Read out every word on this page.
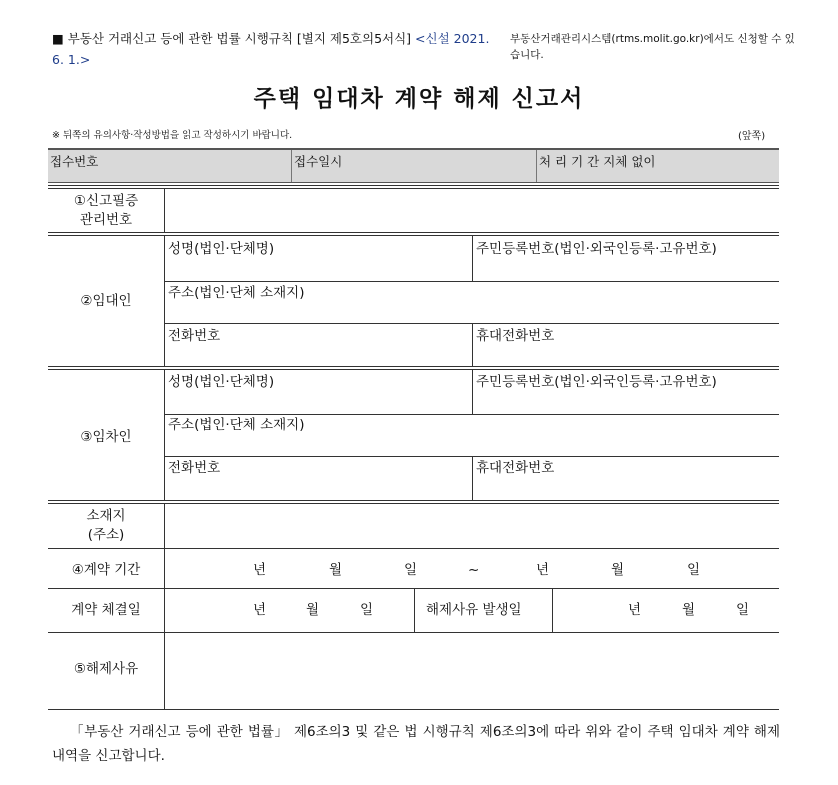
■ 부동산 거래신고 등에 관한 법률 시행규칙 [별지 제5호의5서식] <신설 2021. 6. 1.>
부동산거래관리시스템(rtms.molit.go.kr)에서도 신청할 수 있습니다.
주택 임대차 계약 해제 신고서
※ 뒤쪽의 유의사항·작성방법을 읽고 작성하시기 바랍니다.	(앞쪽)
접수번호	접수일시	처 리 기 간 지체 없이
①신고필증
관리번호
②임대인
성명(법인·단체명)	주민등록번호(법인·외국인등록·고유번호)
주소(법인·단체 소재지)
전화번호	휴대전화번호
③임차인
성명(법인·단체명)	주민등록번호(법인·외국인등록·고유번호)
주소(법인·단체 소재지)
전화번호	휴대전화번호
소재지
(주소)
④계약 기간	년	월	일	~	년	월	일
계약 체결일	년	월	일	해제사유 발생일	년	월	일
⑤해제사유
「부동산 거래신고 등에 관한 법률」 제6조의3 및 같은 법 시행규칙 제6조의3에 따라 위와 같이 주택 임대차 계약 해제 내역을 신고합니다.
